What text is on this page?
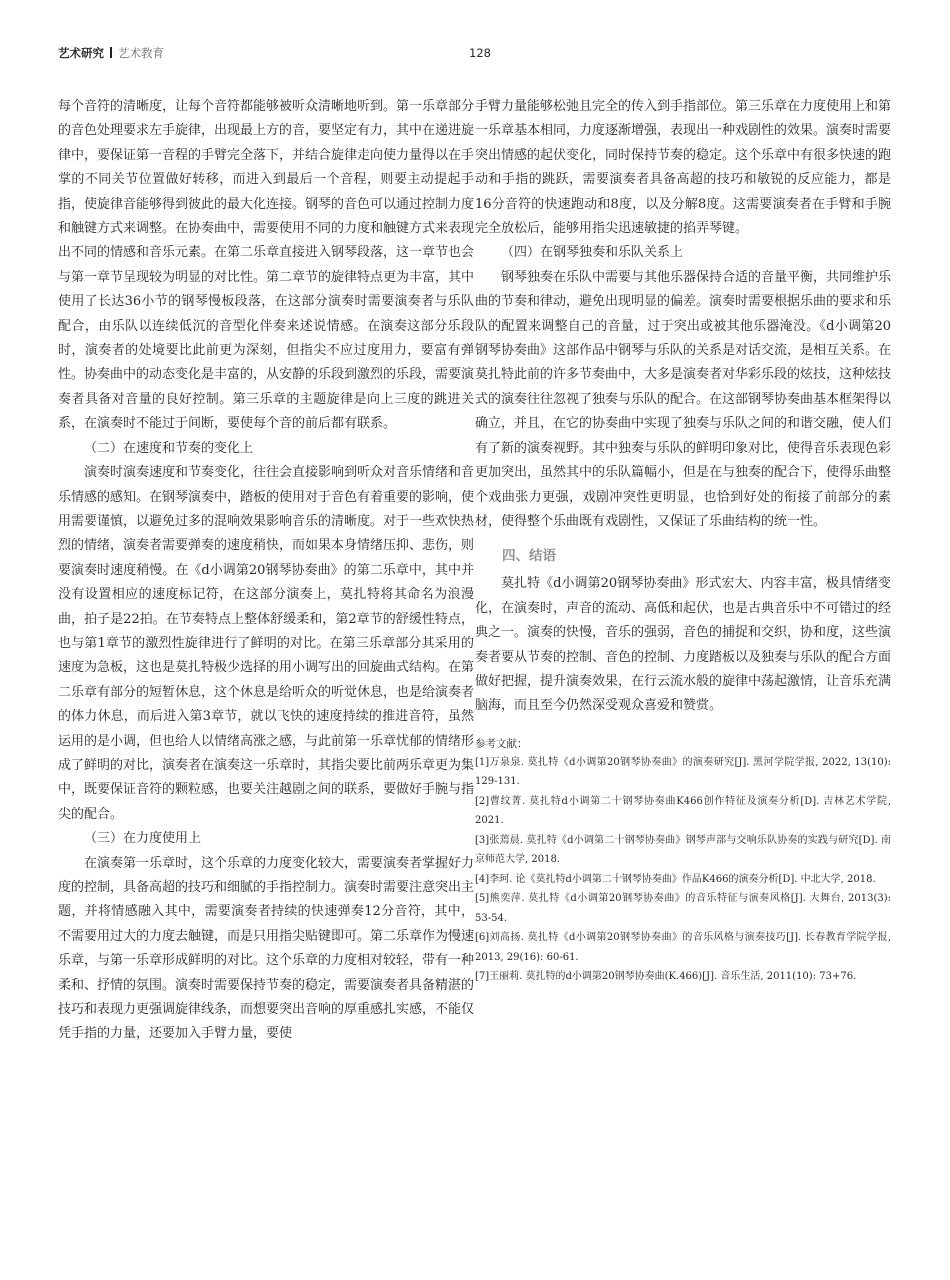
艺术研究 艺术教育	128

每个音符的清晰度，让每个音符都能够被听众清晰地听到。第一乐章部分的音色处理要求左手旋律，出现最上方的音，要坚定有力，其中在递进旋律中，要保证第一音程的手臂完全落下，并结合旋律走向使力量得以在手掌的不同关节位置做好转移，而进入到最后一个音程，则要主动提起手指，使旋律音能够得到彼此的最大化连接。钢琴的音色可以通过控制力度和触键方式来调整。在协奏曲中，需要使用不同的力度和触键方式来表现出不同的情感和音乐元素。在第二乐章直接进入钢琴段落，这一章节也会与第一章节呈现较为明显的对比性。第二章节的旋律特点更为丰富，其中使用了长达36小节的钢琴慢板段落，在这部分演奏时需要演奏者与乐队配合，由乐队以连续低沉的音型化伴奏来述说情感。在演奏这部分乐段时，演奏者的处境要比此前更为深刻，但指尖不应过度用力，要富有弹性。协奏曲中的动态变化是丰富的，从安静的乐段到激烈的乐段，需要演奏者具备对音量的良好控制。第三乐章的主题旋律是向上三度的跳进关系，在演奏时不能过于间断，要使每个音的前后都有联系。

（二）在速度和节奏的变化上

演奏时演奏速度和节奏变化，往往会直接影响到听众对音乐情绪和音乐情感的感知。在钢琴演奏中，踏板的使用对于音色有着重要的影响，使用需要谨慎，以避免过多的混响效果影响音乐的清晰度。对于一些欢快热烈的情绪，演奏者需要弹奏的速度稍快，而如果本身情绪压抑、悲伤，则要演奏时速度稍慢。在《d小调第20钢琴协奏曲》的第二乐章中，其中并没有设置相应的速度标记符，在这部分演奏上，莫扎特将其命名为浪漫曲，拍子是22拍。在节奏特点上整体舒缓柔和，第2章节的舒缓性特点，也与第1章节的激烈性旋律进行了鲜明的对比。在第三乐章部分其采用的速度为急板，这也是莫扎特极少选择的用小调写出的回旋曲式结构。在第二乐章有部分的短暂休息，这个休息是给听众的听觉休息，也是给演奏者的体力休息，而后进入第3章节，就以飞快的速度持续的推进音符，虽然运用的是小调，但也给人以情绪高涨之感，与此前第一乐章忧郁的情绪形成了鲜明的对比，演奏者在演奏这一乐章时，其指尖要比前两乐章更为集中，既要保证音符的颗粒感，也要关注越剧之间的联系，要做好手腕与指尖的配合。

（三）在力度使用上

在演奏第一乐章时，这个乐章的力度变化较大，需要演奏者掌握好力度的控制，具备高超的技巧和细腻的手指控制力。演奏时需要注意突出主题，并将情感融入其中，需要演奏者持续的快速弹奏12分音符，其中，不需要用过大的力度去触键，而是只用指尖贴键即可。第二乐章作为慢速乐章，与第一乐章形成鲜明的对比。这个乐章的力度相对较轻，带有一种柔和、抒情的氛围。演奏时需要保持节奏的稳定，需要演奏者具备精湛的技巧和表现力更强调旋律线条，而想要突出音响的厚重感扎实感，不能仅凭手指的力量，还要加入手臂力量，要使

手臂力量能够松弛且完全的传入到手指部位。第三乐章在力度使用上和第一乐章基本相同，力度逐渐增强，表现出一种戏剧性的效果。演奏时需要突出情感的起伏变化，同时保持节奏的稳定。这个乐章中有很多快速的跑动和手指的跳跃，需要演奏者具备高超的技巧和敏锐的反应能力，都是16分音符的快速跑动和8度，以及分解8度。这需要演奏者在手臂和手腕完全放松后，能够用指尖迅速敏捷的掐弄琴键。

（四）在钢琴独奏和乐队关系上

钢琴独奏在乐队中需要与其他乐器保持合适的音量平衡，共同维护乐曲的节奏和律动，避免出现明显的偏差。演奏时需要根据乐曲的要求和乐队的配置来调整自己的音量，过于突出或被其他乐器淹没。《d小调第20钢琴协奏曲》这部作品中钢琴与乐队的关系是对话交流，是相互关系。在莫扎特此前的许多节奏曲中，大多是演奏者对华彩乐段的炫技，这种炫技式的演奏往往忽视了独奏与乐队的配合。在这部钢琴协奏曲基本框架得以确立，并且，在它的协奏曲中实现了独奏与乐队之间的和谐交融，使人们有了新的演奏视野。其中独奏与乐队的鲜明印象对比，使得音乐表现色彩更加突出，虽然其中的乐队篇幅小，但是在与独奏的配合下，使得乐曲整个戏曲张力更强，戏剧冲突性更明显，也恰到好处的衔接了前部分的素材，使得整个乐曲既有戏剧性，又保证了乐曲结构的统一性。

四、结语

莫扎特《d小调第20钢琴协奏曲》形式宏大、内容丰富，极具情绪变化，在演奏时，声音的流动、高低和起伏，也是古典音乐中不可错过的经典之一。演奏的快慢，音乐的强弱，音色的捕捉和交织，协和度，这些演奏者要从节奏的控制、音色的控制、力度踏板以及独奏与乐队的配合方面做好把握，提升演奏效果，在行云流水般的旋律中荡起激情，让音乐充满脑海，而且至今仍然深受观众喜爱和赞赏。

参考文献：
[1]万泉泉. 莫扎特《d小调第20钢琴协奏曲》的演奏研究[J]. 黑河学院学报, 2022, 13(10): 129-131.
[2]曹纹菁. 莫扎特d小调第二十钢琴协奏曲K466创作特征及演奏分析[D]. 吉林艺术学院, 2021.
[3]张蔫晨. 莫扎特《d小调第二十钢琴协奏曲》钢琴声部与交响乐队协奏的实践与研究[D]. 南京师范大学, 2018.
[4]李珂. 论《莫扎特d小调第二十钢琴协奏曲》作品K466的演奏分析[D]. 中北大学, 2018.
[5]熊奕萍. 莫扎特《d小调第20钢琴协奏曲》的音乐特征与演奏风格[J]. 大舞台, 2013(3): 53-54.
[6]刘高扬. 莫扎特《d小调第20钢琴协奏曲》的音乐风格与演奏技巧[J]. 长春教育学院学报, 2013, 29(16): 60-61.
[7]王丽莉. 莫扎特的d小调第20钢琴协奏曲(K.466)[J]. 音乐生活, 2011(10): 73+76.
